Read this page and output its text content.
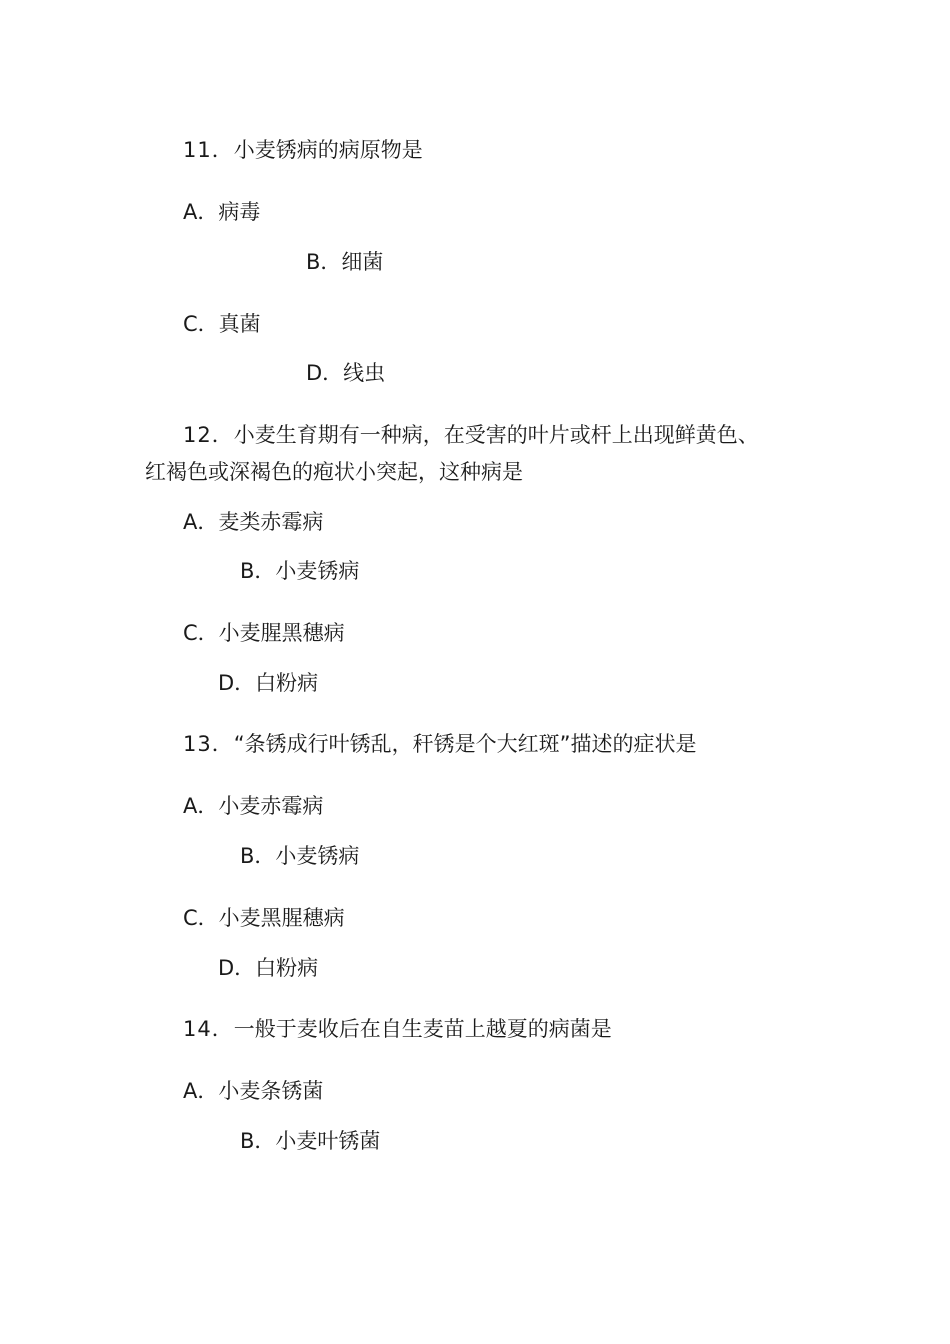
11．小麦锈病的病原物是
A．病毒
B．细菌
C．真菌
D．线虫
12．小麦生育期有一种病，在受害的叶片或杆上出现鲜黄色、
红褐色或深褐色的疱状小突起，这种病是
A．麦类赤霉病
B．小麦锈病
C．小麦腥黑穗病
D．白粉病
13．“条锈成行叶锈乱，秆锈是个大红斑”描述的症状是
A．小麦赤霉病
B．小麦锈病
C．小麦黑腥穗病
D．白粉病
14．一般于麦收后在自生麦苗上越夏的病菌是
A．小麦条锈菌
B．小麦叶锈菌
